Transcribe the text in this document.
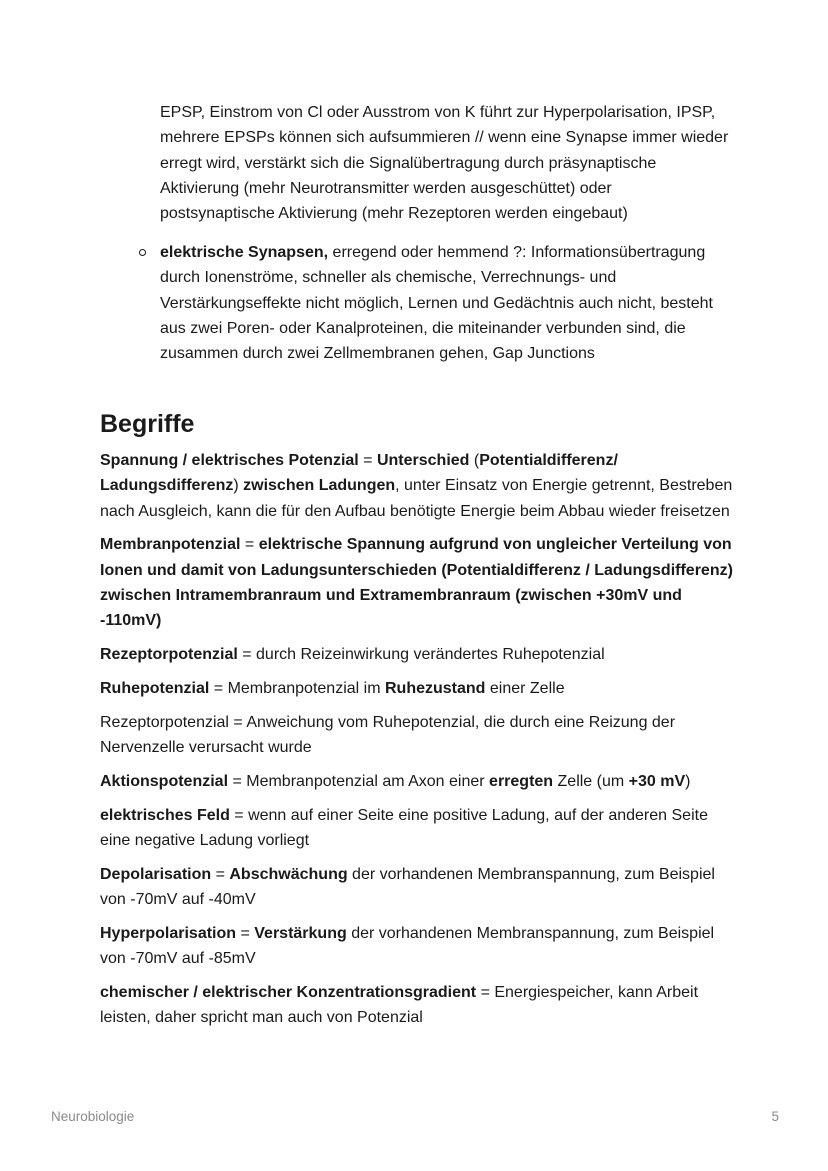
EPSP, Einstrom von Cl oder Ausstrom von K führt zur Hyperpolarisation, IPSP, mehrere EPSPs können sich aufsummieren // wenn eine Synapse immer wieder erregt wird, verstärkt sich die Signalübertragung durch präsynaptische Aktivierung (mehr Neurotransmitter werden ausgeschüttet) oder postsynaptische Aktivierung (mehr Rezeptoren werden eingebaut)
elektrische Synapsen, erregend oder hemmend ?: Informationsübertragung durch Ionenströme, schneller als chemische, Verrechnungs- und Verstärkungseffekte nicht möglich, Lernen und Gedächtnis auch nicht, besteht aus zwei Poren- oder Kanalproteinen, die miteinander verbunden sind, die zusammen durch zwei Zellmembranen gehen, Gap Junctions
Begriffe

Spannung / elektrisches Potenzial = Unterschied (Potentialdifferenz/ Ladungsdifferenz) zwischen Ladungen, unter Einsatz von Energie getrennt, Bestreben nach Ausgleich, kann die für den Aufbau benötigte Energie beim Abbau wieder freisetzen

Membranpotenzial = elektrische Spannung aufgrund von ungleicher Verteilung von Ionen und damit von Ladungsunterschieden (Potentialdifferenz / Ladungsdifferenz) zwischen Intramembranraum und Extramembranraum (zwischen +30mV und -110mV)

Rezeptorpotenzial = durch Reizeinwirkung verändertes Ruhepotenzial

Ruhepotenzial = Membranpotenzial im Ruhezustand einer Zelle

Rezeptorpotenzial = Anweichung vom Ruhepotenzial, die durch eine Reizung der Nervenzelle verursacht wurde

Aktionspotenzial = Membranpotenzial am Axon einer erregten Zelle (um +30 mV)

elektrisches Feld = wenn auf einer Seite eine positive Ladung, auf der anderen Seite eine negative Ladung vorliegt

Depolarisation = Abschwächung der vorhandenen Membranspannung, zum Beispiel von -70mV auf -40mV

Hyperpolarisation = Verstärkung der vorhandenen Membranspannung, zum Beispiel von -70mV auf -85mV

chemischer / elektrischer Konzentrationsgradient = Energiespeicher, kann Arbeit leisten, daher spricht man auch von Potenzial

Neurobiologie	5
